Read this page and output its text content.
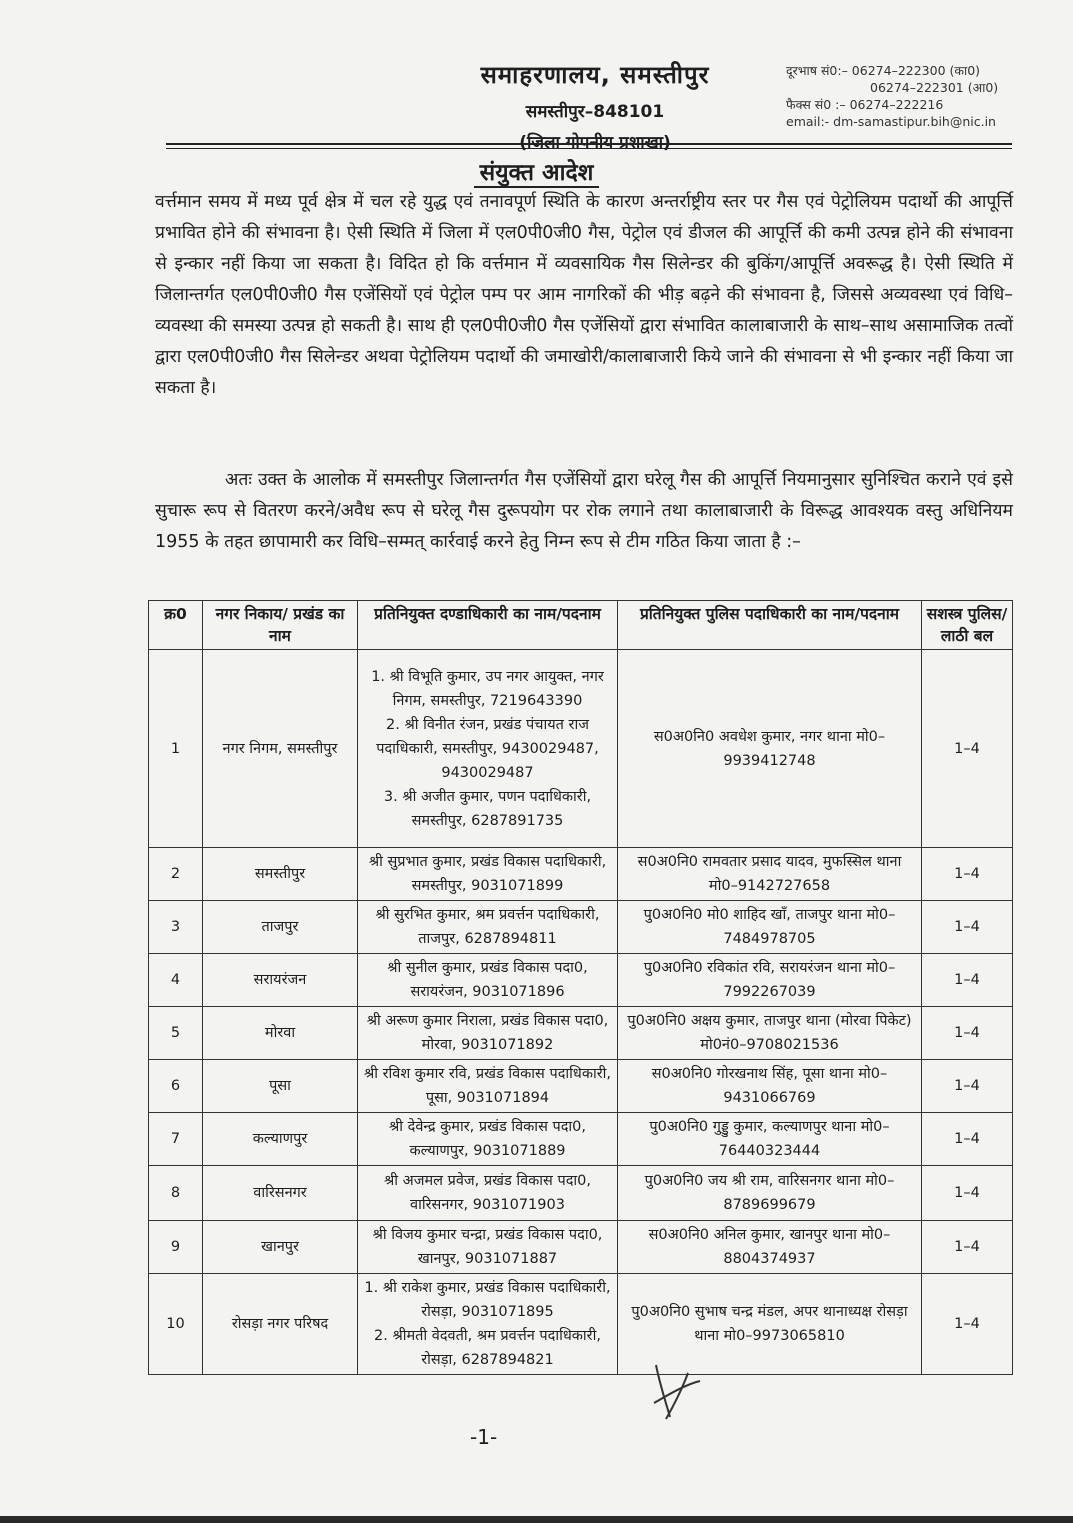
समाहरणालय, समस्तीपुर
समस्तीपुर–848101
(जिला गोपनीय प्रशाखा)
दूरभाष सं0:– 06274–222300 (का0)
06274–222301 (आ0)
फैक्स सं0 :– 06274–222216
email:- dm-samastipur.bih@nic.in
संयुक्त आदेश
वर्त्तमान समय में मध्य पूर्व क्षेत्र में चल रहे युद्ध एवं तनावपूर्ण स्थिति के कारण अन्तर्राष्ट्रीय स्तर पर गैस एवं पेट्रोलियम पदार्थो की आपूर्त्ति प्रभावित होने की संभावना है। ऐसी स्थिति में जिला में एल0पी0जी0 गैस, पेट्रोल एवं डीजल की आपूर्त्ति की कमी उत्पन्न होने की संभावना से इन्कार नहीं किया जा सकता है। विदित हो कि वर्त्तमान में व्यवसायिक गैस सिलेन्डर की बुकिंग/आपूर्त्ति अवरूद्ध है। ऐसी स्थिति में जिलान्तर्गत एल0पी0जी0 गैस एजेंसियों एवं पेट्रोल पम्प पर आम नागरिकों की भीड़ बढ़ने की संभावना है, जिससे अव्यवस्था एवं विधि–व्यवस्था की समस्या उत्पन्न हो सकती है। साथ ही एल0पी0जी0 गैस एजेंसियों द्वारा संभावित कालाबाजारी के साथ–साथ असामाजिक तत्वों द्वारा एल0पी0जी0 गैस सिलेन्डर अथवा पेट्रोलियम पदार्थो की जमाखोरी/कालाबाजारी किये जाने की संभावना से भी इन्कार नहीं किया जा सकता है।
अतः उक्त के आलोक में समस्तीपुर जिलान्तर्गत गैस एजेंसियों द्वारा घरेलू गैस की आपूर्त्ति नियमानुसार सुनिश्चित कराने एवं इसे सुचारू रूप से वितरण करने/अवैध रूप से घरेलू गैस दुरूपयोग पर रोक लगाने तथा कालाबाजारी के विरूद्ध आवश्यक वस्तु अधिनियम 1955 के तहत छापामारी कर विधि–सम्मत् कार्रवाई करने हेतु निम्न रूप से टीम गठित किया जाता है :–
क्र0	नगर निकाय/ प्रखंड का नाम	प्रतिनियुक्त दण्डाधिकारी का नाम/पदनाम	प्रतिनियुक्त पुलिस पदाधिकारी का नाम/पदनाम	सशस्त्र पुलिस/ लाठी बल
1	नगर निगम, समस्तीपुर	1. श्री विभूति कुमार, उप नगर आयुक्त, नगर निगम, समस्तीपुर, 7219643390
2. श्री विनीत रंजन, प्रखंड पंचायत राज पदाधिकारी, समस्तीपुर, 9430029487, 9430029487
3. श्री अजीत कुमार, पणन पदाधिकारी, समस्तीपुर, 6287891735	स0अ0नि0 अवधेश कुमार, नगर थाना मो0–9939412748	1–4
2	समस्तीपुर	श्री सुप्रभात कुमार, प्रखंड विकास पदाधिकारी, समस्तीपुर, 9031071899	स0अ0नि0 रामवतार प्रसाद यादव, मुफस्सिल थाना मो0–9142727658	1–4
3	ताजपुर	श्री सुरभित कुमार, श्रम प्रवर्त्तन पदाधिकारी, ताजपुर, 6287894811	पु0अ0नि0 मो0 शाहिद खाँ, ताजपुर थाना मो0–7484978705	1–4
4	सरायरंजन	श्री सुनील कुमार, प्रखंड विकास पदा0, सरायरंजन, 9031071896	पु0अ0नि0 रविकांत रवि, सरायरंजन थाना मो0–7992267039	1–4
5	मोरवा	श्री अरूण कुमार निराला, प्रखंड विकास पदा0, मोरवा, 9031071892	पु0अ0नि0 अक्षय कुमार, ताजपुर थाना (मोरवा पिकेट) मो0नं0–9708021536	1–4
6	पूसा	श्री रविश कुमार रवि, प्रखंड विकास पदाधिकारी, पूसा, 9031071894	स0अ0नि0 गोरखनाथ सिंह, पूसा थाना मो0–9431066769	1–4
7	कल्याणपुर	श्री देवेन्द्र कुमार, प्रखंड विकास पदा0, कल्याणपुर, 9031071889	पु0अ0नि0 गुड्डु कुमार, कल्याणपुर थाना मो0–76440323444	1–4
8	वारिसनगर	श्री अजमल प्रवेज, प्रखंड विकास पदा0, वारिसनगर, 9031071903	पु0अ0नि0 जय श्री राम, वारिसनगर थाना मो0–8789699679	1–4
9	खानपुर	श्री विजय कुमार चन्द्रा, प्रखंड विकास पदा0, खानपुर, 9031071887	स0अ0नि0 अनिल कुमार, खानपुर थाना मो0–8804374937	1–4
10	रोसड़ा नगर परिषद	1. श्री राकेश कुमार, प्रखंड विकास पदाधिकारी, रोसड़ा, 9031071895
2. श्रीमती वेदवती, श्रम प्रवर्त्तन पदाधिकारी, रोसड़ा, 6287894821	पु0अ0नि0 सुभाष चन्द्र मंडल, अपर थानाध्यक्ष रोसड़ा थाना मो0–9973065810	1–4
-1-
